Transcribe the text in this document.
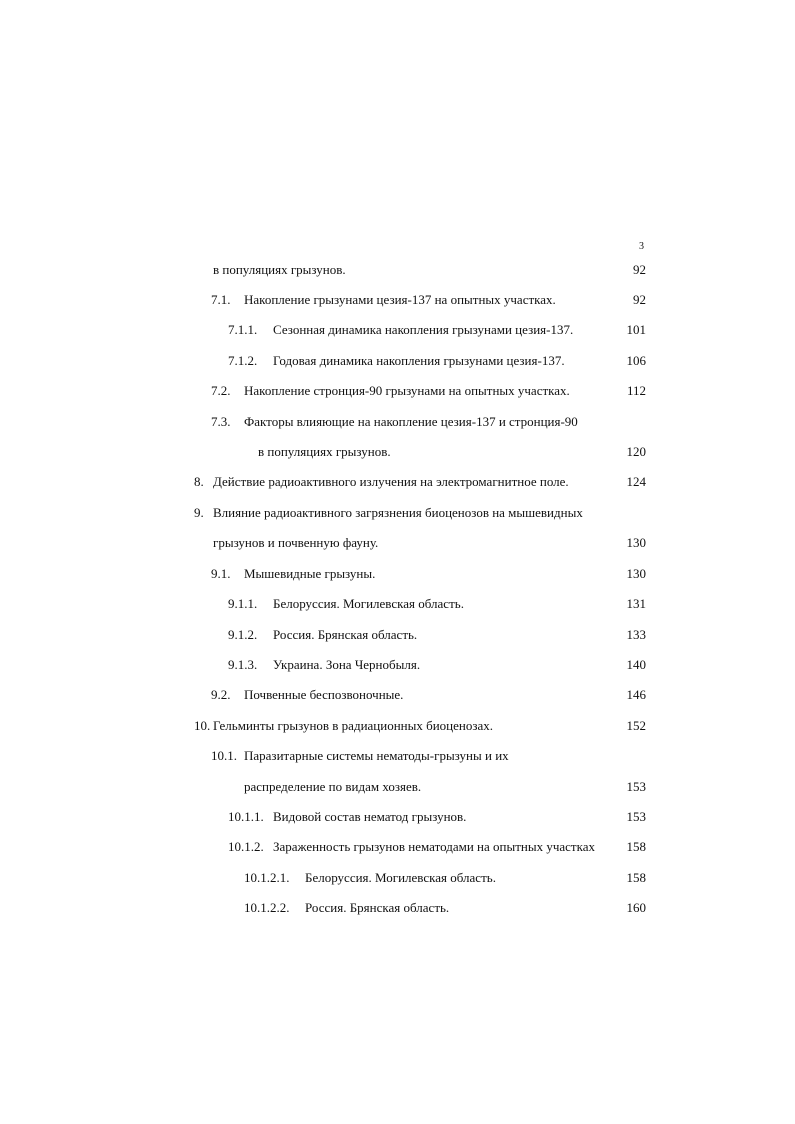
3
в популяциях грызунов.	92
7.1. Накопление грызунами цезия-137 на опытных участках.	92
7.1.1. Сезонная динамика накопления грызунами цезия-137.	101
7.1.2. Годовая динамика накопления грызунами цезия-137.	106
7.2. Накопление стронция-90 грызунами на опытных участках.	112
7.3. Факторы влияющие на накопление цезия-137 и стронция-90
в популяциях грызунов.	120
8. Действие радиоактивного излучения на электромагнитное поле.	124
9. Влияние радиоактивного загрязнения биоценозов на мышевидных
грызунов и почвенную фауну.	130
9.1. Мышевидные грызуны.	130
9.1.1. Белоруссия. Могилевская область.	131
9.1.2. Россия. Брянская область.	133
9.1.3. Украина. Зона Чернобыля.	140
9.2. Почвенные беспозвоночные.	146
10. Гельминты грызунов в радиационных биоценозах.	152
10.1. Паразитарные системы нематоды-грызуны и их
распределение по видам хозяев.	153
10.1.1. Видовой состав нематод грызунов.	153
10.1.2. Зараженность грызунов нематодами на опытных участках 158
10.1.2.1. Белоруссия. Могилевская область.	158
10.1.2.2. Россия. Брянская область.	160
